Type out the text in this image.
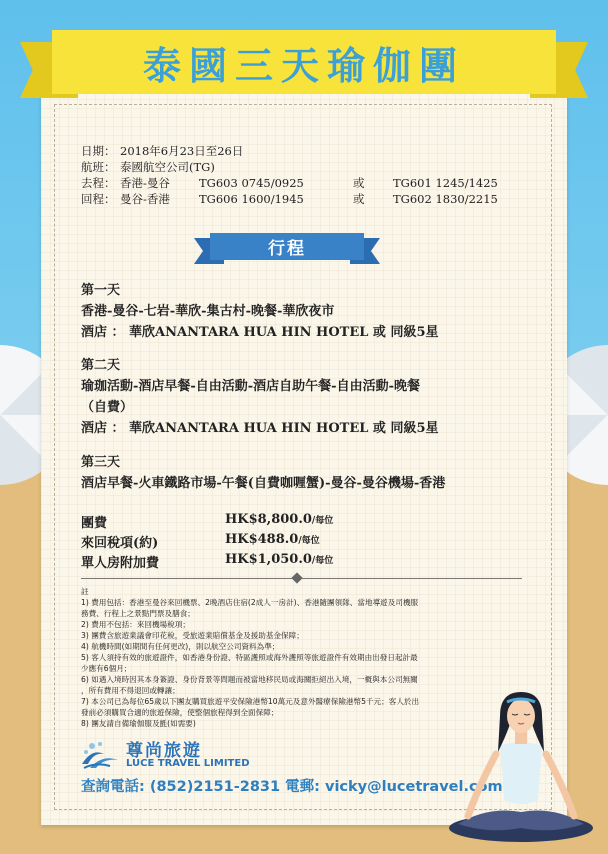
泰國三天瑜伽團
日期： 2018年6月23日至26日
航班： 泰國航空公司(TG)
去程： 香港-曼谷	TG603 0745/0925	或 TG601 1245/1425
回程： 曼谷-香港	TG606 1600/1945	或 TG602 1830/2215
行程
第一天
香港-曼谷-七岩-華欣-集古村-晚餐-華欣夜市
酒店 ： 華欣ANANTARA HUA HIN HOTEL 或 同級5星
第二天
瑜珈活動-酒店早餐-自由活動-酒店自助午餐-自由活動-晚餐
（自費）
酒店 ： 華欣ANANTARA HUA HIN HOTEL 或 同級5星
第三天
酒店早餐-火車鐵路市場-午餐(自費咖喱蟹)-曼谷-曼谷機場-香港
團費	HK$8,800.0/每位
來回稅項(約)	HK$488.0/每位
單人房附加費	HK$1,050.0/每位
註
1) 費用包括：香港至曼谷來回機票、2晚酒店住宿(2成人一房計)、香港隨團領隊、當地導遊及司機服
務費、行程上之景點門票及膳食；
2) 費用不包括：來回機場稅項；
3) 團費含旅遊業議會印花稅，受旅遊業賠償基金及援助基金保障；
4) 航機時間(如期間有任何更改)，則以航空公司資料為準；
5) 客人須持有效的旅遊證件，如香港身份證、特區護照或海外護照等旅遊證件有效期由出發日起計最
少應有6個月；
6) 如遇入境時因其本身簽證、身份背景等問題而被當地移民局或海關拒絕出入境，一概與本公司無關
，所有費用不得退回或轉讓；
7) 本公司已為每位65歲以下團友購買旅遊平安保險港幣10萬元及意外醫療保險港幣5千元；客人於出
發前必須購買合適的旅遊保險，使整個旅程得到全面保障；
8) 團友請自備瑜伽服及氈(如需要)
尊尚旅遊
LUCE TRAVEL LIMITED
查詢電話: (852)2151-2831 電郵: vicky@lucetravel.com
